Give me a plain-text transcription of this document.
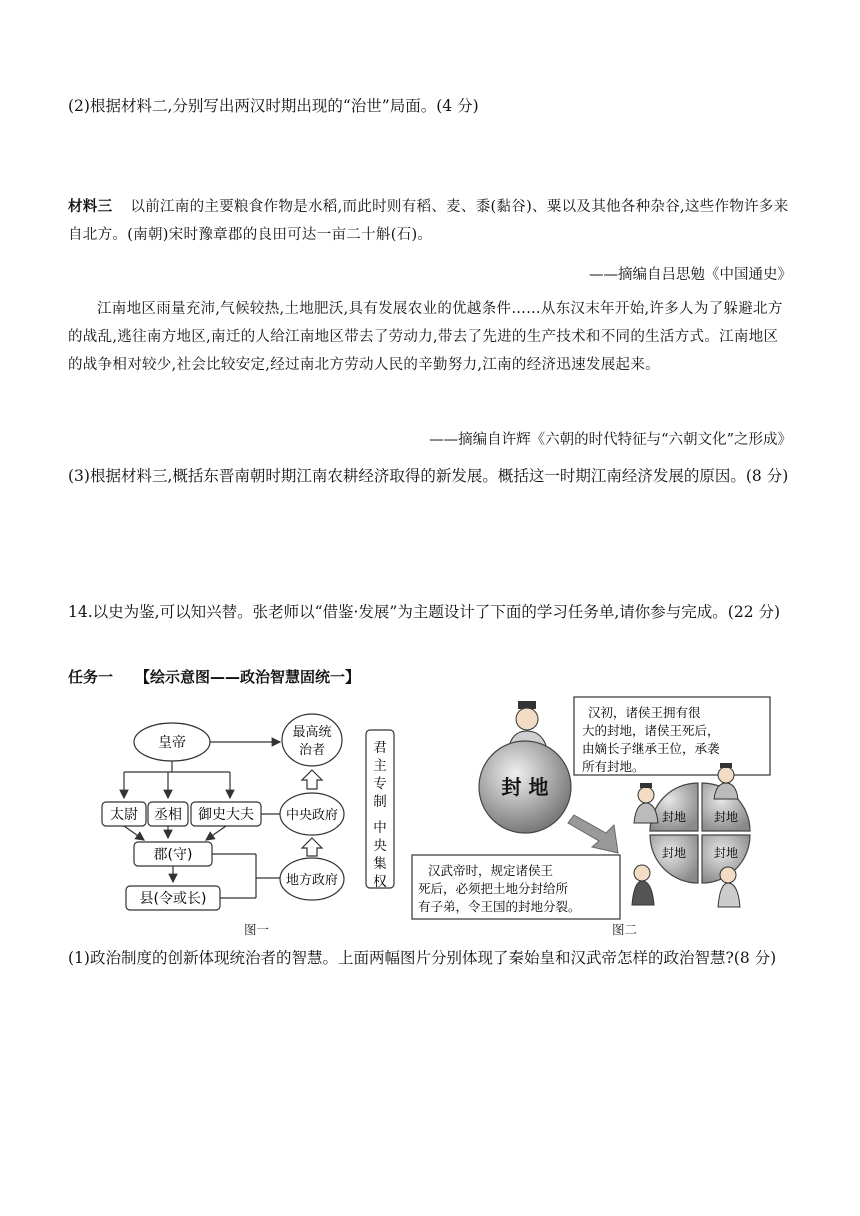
(2)根据材料二,分别写出两汉时期出现的“治世”局面。(4 分)
材料三 以前江南的主要粮食作物是水稻,而此时则有稻、麦、黍(黏谷)、粟以及其他各种杂谷,这些作物许多来自北方。(南朝)宋时豫章郡的良田可达一亩二十斛(石)。
——摘编自吕思勉《中国通史》
江南地区雨量充沛,气候较热,土地肥沃,具有发展农业的优越条件……从东汉末年开始,许多人为了躲避北方的战乱,逃往南方地区,南迁的人给江南地区带去了劳动力,带去了先进的生产技术和不同的生活方式。江南地区的战争相对较少,社会比较安定,经过南北方劳动人民的辛勤努力,江南的经济迅速发展起来。
——摘编自许辉《六朝的时代特征与“六朝文化”之形成》
(3)根据材料三,概括东晋南朝时期江南农耕经济取得的新发展。概括这一时期江南经济发展的原因。(8 分)
14.以史为鉴,可以知兴替。张老师以“借鉴·发展”为主题设计了下面的学习任务单,请你参与完成。(22 分)
任务一 【绘示意图——政治智慧固统一】
皇帝
最高统
治者
太尉 丞相 御史大夫 中央政府
郡(守)
县(令或长)
地方政府
君
主
专
制
中
央
集
权
图一
封 地
汉初，诸侯王拥有很
大的封地，诸侯王死后，
由嫡长子继承王位，承袭
所有封地。
封地 封地
封地 封地
汉武帝时，规定诸侯王
死后，必须把土地分封给所
有子弟，令王国的封地分裂。
图二
(1)政治制度的创新体现统治者的智慧。上面两幅图片分别体现了秦始皇和汉武帝怎样的政治智慧?(8 分)
